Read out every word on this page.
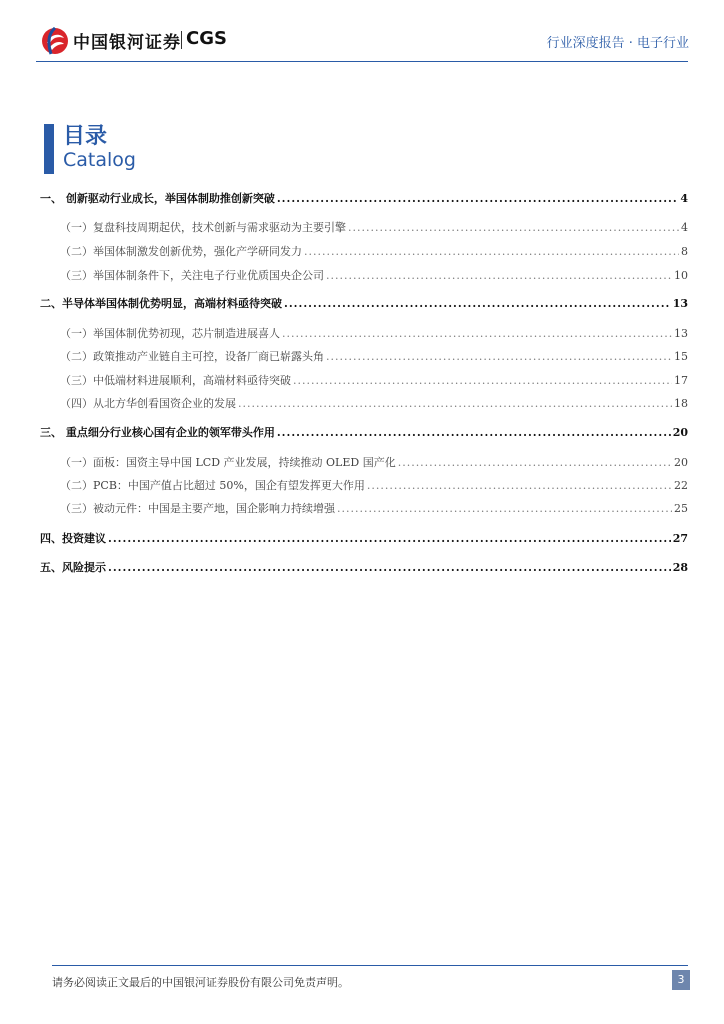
中国银河证券 CGS	行业深度报告 · 电子行业
目录
Catalog
一、 创新驱动行业成长，举国体制助推创新突破 .....	4
（一）复盘科技周期起伏，技术创新与需求驱动为主要引擎 .....	4
（二）举国体制激发创新优势，强化产学研同发力 .....	8
（三）举国体制条件下，关注电子行业优质国央企公司 .....	10
二、半导体举国体制优势明显，高端材料亟待突破 .....	13
（一）举国体制优势初现，芯片制造进展喜人 .....	13
（二）政策推动产业链自主可控，设备厂商已崭露头角 .....	15
（三）中低端材料进展顺利，高端材料亟待突破 .....	17
（四）从北方华创看国资企业的发展 .....	18
三、 重点细分行业核心国有企业的领军带头作用 .....	20
（一）面板：国资主导中国 LCD 产业发展，持续推动 OLED 国产化 .....	20
（二）PCB：中国产值占比超过 50%，国企有望发挥更大作用 .....	22
（三）被动元件：中国是主要产地，国企影响力持续增强 .....	25
四、投资建议 .....	27
五、风险提示 .....	28
请务必阅读正文最后的中国银河证券股份有限公司免责声明。	3
